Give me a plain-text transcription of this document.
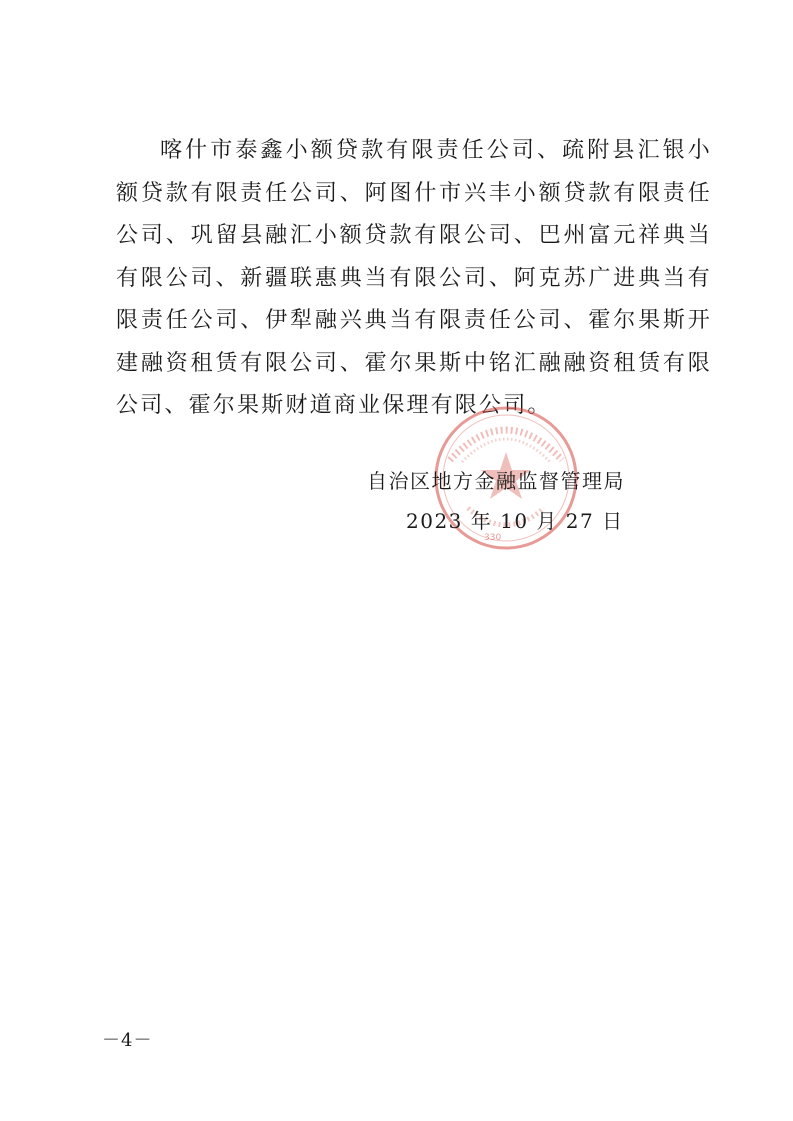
喀什市泰鑫小额贷款有限责任公司、疏附县汇银小额贷款有限责任公司、阿图什市兴丰小额贷款有限责任公司、巩留县融汇小额贷款有限公司、巴州富元祥典当有限公司、新疆联惠典当有限公司、阿克苏广进典当有限责任公司、伊犁融兴典当有限责任公司、霍尔果斯开建融资租赁有限公司、霍尔果斯中铭汇融融资租赁有限公司、霍尔果斯财道商业保理有限公司。

330
自治区地方金融监督管理局
2023 年 10 月 27 日
－4－
